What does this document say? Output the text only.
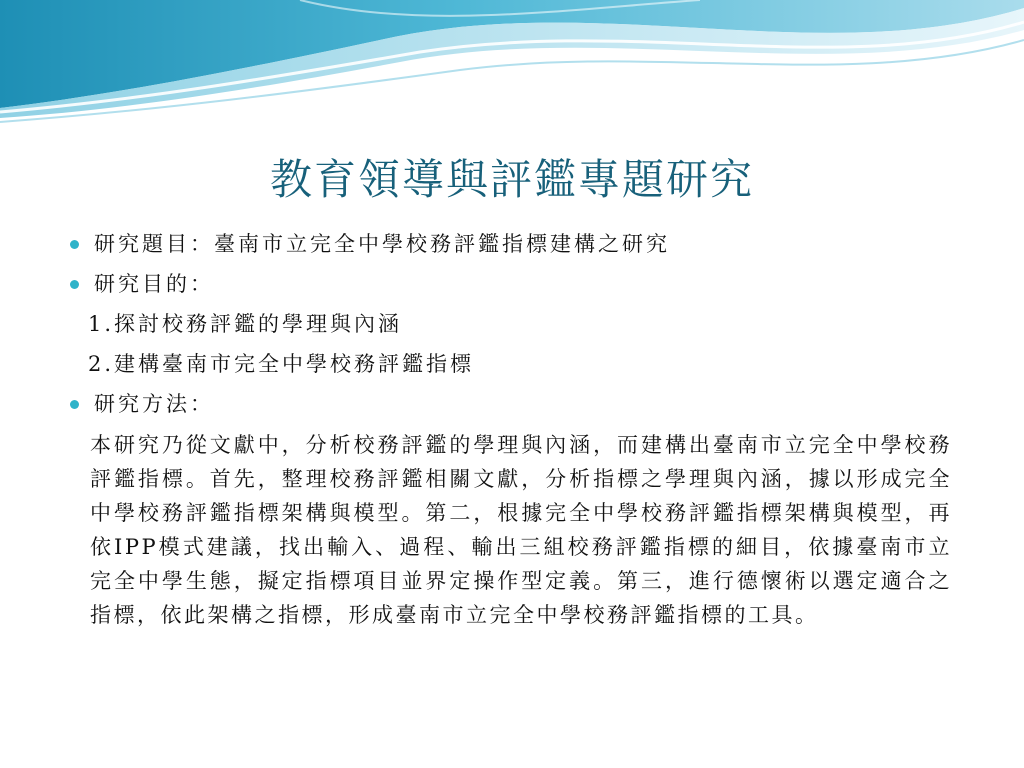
教育領導與評鑑專題研究
研究題目：臺南市立完全中學校務評鑑指標建構之研究
研究目的：
1.探討校務評鑑的學理與內涵
2.建構臺南市完全中學校務評鑑指標
研究方法：
本研究乃從文獻中，分析校務評鑑的學理與內涵，而建構出臺南市立完全中學校務評鑑指標。首先，整理校務評鑑相關文獻，分析指標之學理與內涵，據以形成完全中學校務評鑑指標架構與模型。第二，根據完全中學校務評鑑指標架構與模型，再依IPP模式建議，找出輸入、過程、輸出三組校務評鑑指標的細目，依據臺南市立完全中學生態，擬定指標項目並界定操作型定義。第三，進行德懷術以選定適合之指標，依此架構之指標，形成臺南市立完全中學校務評鑑指標的工具。
